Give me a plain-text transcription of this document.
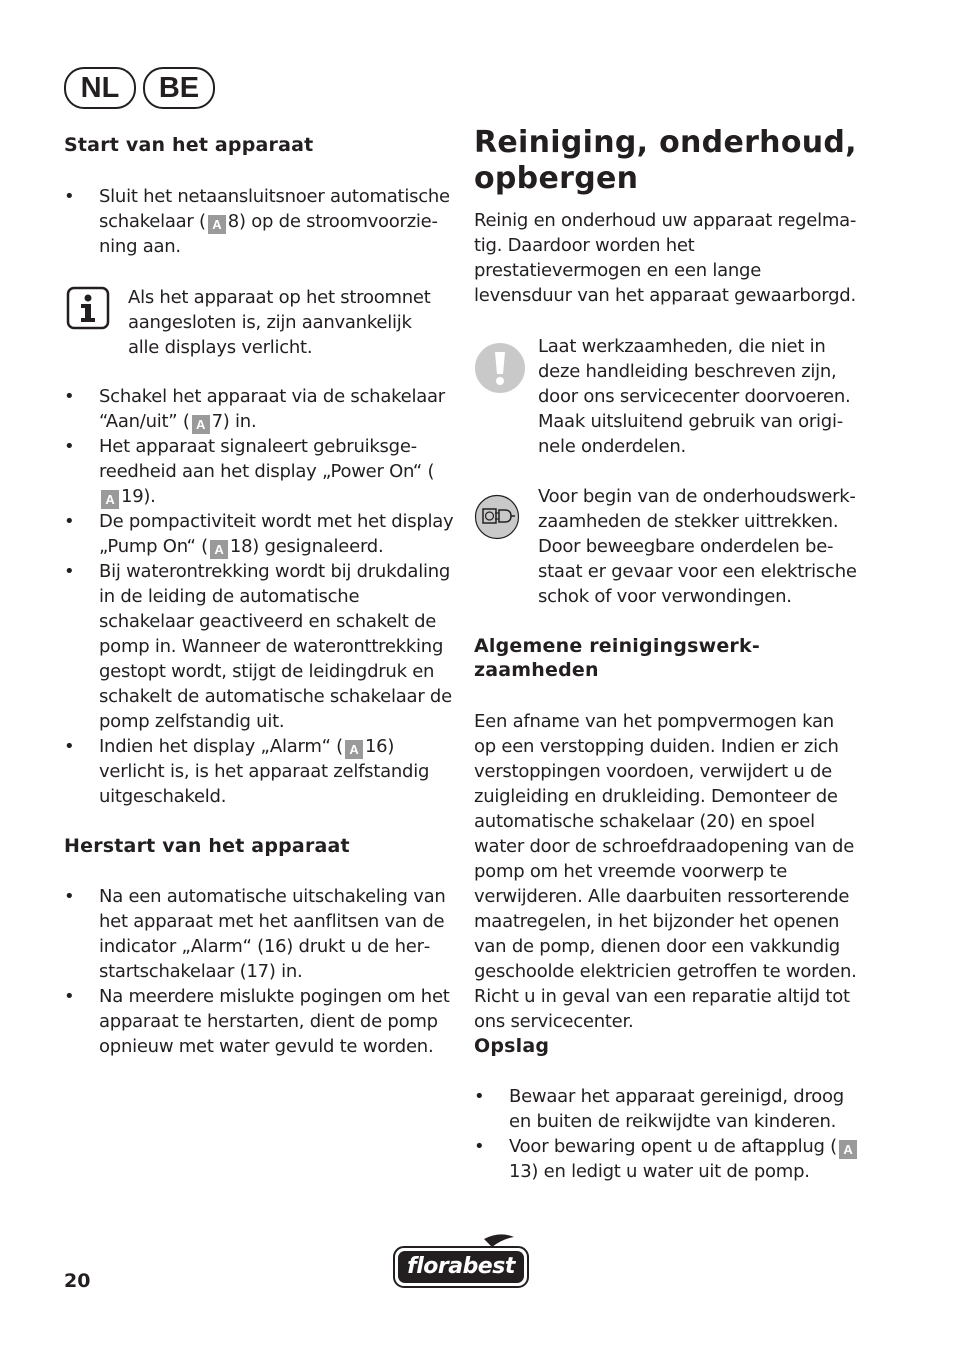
NL	BE
Start van het apparaat
• Sluit het netaansluitsnoer automatische schakelaar ( A 8) op de stroomvoorziening aan.
Als het apparaat op het stroomnet aangesloten is, zijn aanvankelijk alle displays verlicht.
• Schakel het apparaat via de schakelaar “Aan/uit” ( A 7) in.
• Het apparaat signaleert gebruiksgereedheid aan het display „Power On“ (A 19).
• De pompactiviteit wordt met het display „Pump On“ ( A 18) gesignaleerd.
• Bij waterontrekking wordt bij drukdaling in de leiding de automatische schakelaar geactiveerd en schakelt de pomp in. Wanneer de wateronttrekking gestopt wordt, stijgt de leidingdruk en schakelt de automatische schakelaar de pomp zelfstandig uit.
• Indien het display „Alarm“ ( A 16) verlicht is, is het apparaat zelfstandig uitgeschakeld.
Herstart van het apparaat
• Na een automatische uitschakeling van het apparaat met het aanflitsen van de indicator „Alarm“ (16) drukt u de herstartschakelaar (17) in.
• Na meerdere mislukte pogingen om het apparaat te herstarten, dient de pomp opnieuw met water gevuld te worden.
Reiniging, onderhoud,
opbergen
Reinig en onderhoud uw apparaat regelmatig. Daardoor worden het prestatievermogen en een lange levensduur van het apparaat gewaarborgd.
Laat werkzaamheden, die niet in deze handleiding beschreven zijn, door ons servicecenter doorvoeren. Maak uitsluitend gebruik van originele onderdelen.
Voor begin van de onderhoudswerkzaamheden de stekker uittrekken. Door beweegbare onderdelen bestaat er gevaar voor een elektrische schok of voor verwondingen.
Algemene reinigingswerk-
zaamheden
Een afname van het pompvermogen kan op een verstopping duiden. Indien er zich verstoppingen voordoen, verwijdert u de zuigleiding en drukleiding. Demonteer de automatische schakelaar (20) en spoel water door de schroefdraadopening van de pomp om het vreemde voorwerp te verwijderen. Alle daarbuiten ressorterende maatregelen, in het bijzonder het openen van de pomp, dienen door een vakkundig geschoolde elektricien getroffen te worden. Richt u in geval van een reparatie altijd tot ons servicecenter.
Opslag
• Bewaar het apparaat gereinigd, droog en buiten de reikwijdte van kinderen.
• Voor bewaring opent u de aftapplug ( A13) en ledigt u water uit de pomp.
20
florabest
